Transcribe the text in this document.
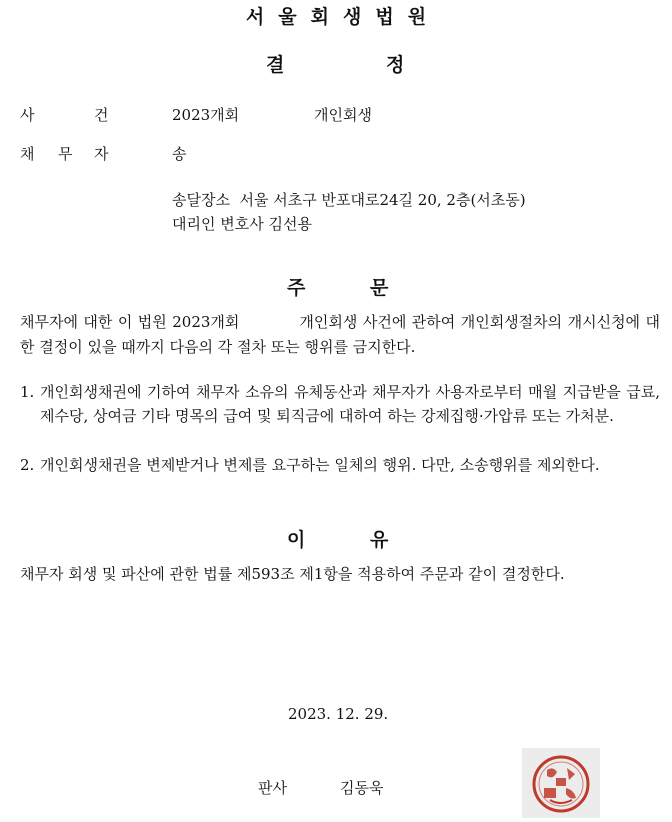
서 울 회 생 법 원
결	정
사	건	2023개회	개인회생
채 무 자	송
송달장소  서울 서초구 반포대로24길 20, 2층(서초동)
대리인 변호사 김선용
주	문
채무자에 대한 이 법원 2023개회           개인회생 사건에 관하여 개인회생절차의 개시신청에 대한 결정이 있을 때까지 다음의 각 절차 또는 행위를 금지한다.
1. 개인회생채권에 기하여 채무자 소유의 유체동산과 채무자가 사용자로부터 매월 지급받을 급료, 제수당, 상여금 기타 명목의 급여 및 퇴직금에 대하여 하는 강제집행·가압류 또는 가처분.
2. 개인회생채권을 변제받거나 변제를 요구하는 일체의 행위. 다만, 소송행위를 제외한다.
이	유
채무자 회생 및 파산에 관한 법률 제593조 제1항을 적용하여 주문과 같이 결정한다.
2023. 12. 29.
판사	김동욱
